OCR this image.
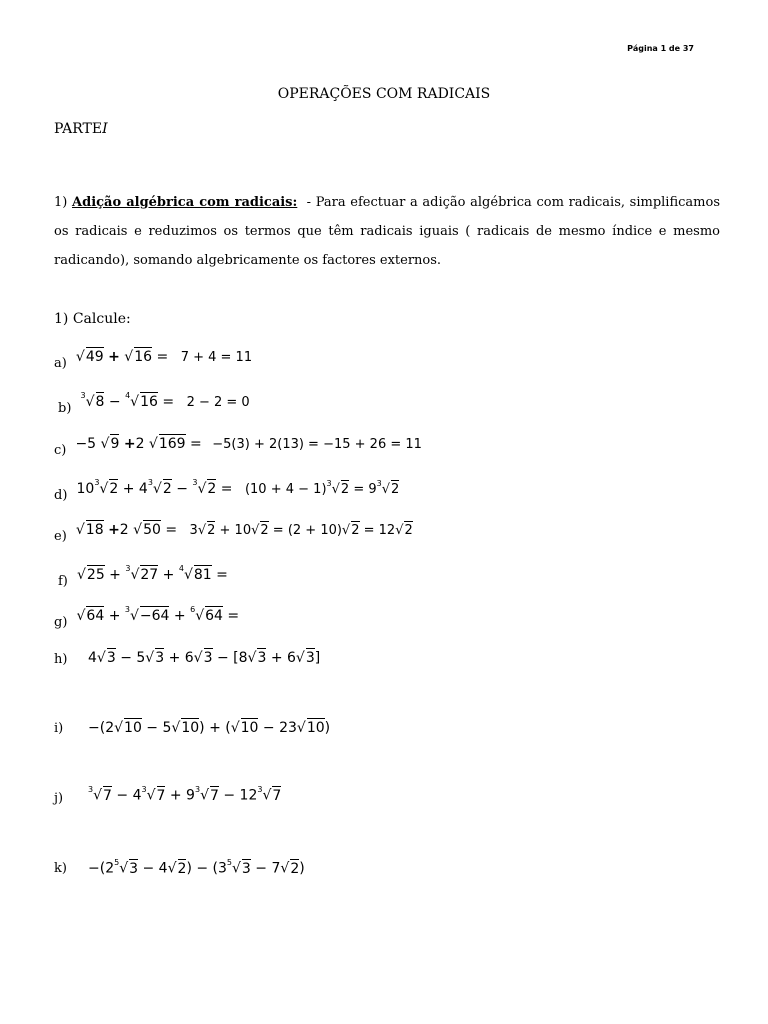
Página 1 de 37
OPERAÇÕES COM RADICAIS
PARTEI
1) Adição algébrica com radicais: - Para efectuar a adição algébrica com radicais, simplificamos os radicais e reduzimos os termos que têm radicais iguais ( radicais de mesmo índice e mesmo radicando), somando algebricamente os factores externos.
1) Calcule:
$_{a)}$ √49 + √16 = 7 + 4 = 11
$_{b)}$ $^3$√8 − $^4$√16 = 2 − 2 = 0
$_{c)}$ −5 √9 +2 √169 = −5(3) + 2(13) = −15 + 26 = 11
$_{d)}$ $10^3√2 + 4^3√2 - ^3√2 = (10 + 4 - 1)^3√2 = 9^3√2$
$_{e)}$ √18 +2 √50 = 3√2 + 10√2 = (2 + 10)√2 = 12√2
$_{f)}$ √25 + $^3$√27 + $^4$√81 =
$_{g)}$ √64 + $^3$√−64 + $^6$√64 =
h) 4√3 − 5√3 + 6√3 − [8√3 + 6√3]
i) −(2√10 − 5√10) + (√10 − 23√10)
j)
$^3√7 - 4^3√7 + 9^3√7 - 12^3√7$
$k) -(2^5√3 - 4√2) - (3^5√3 - 7√2)$
